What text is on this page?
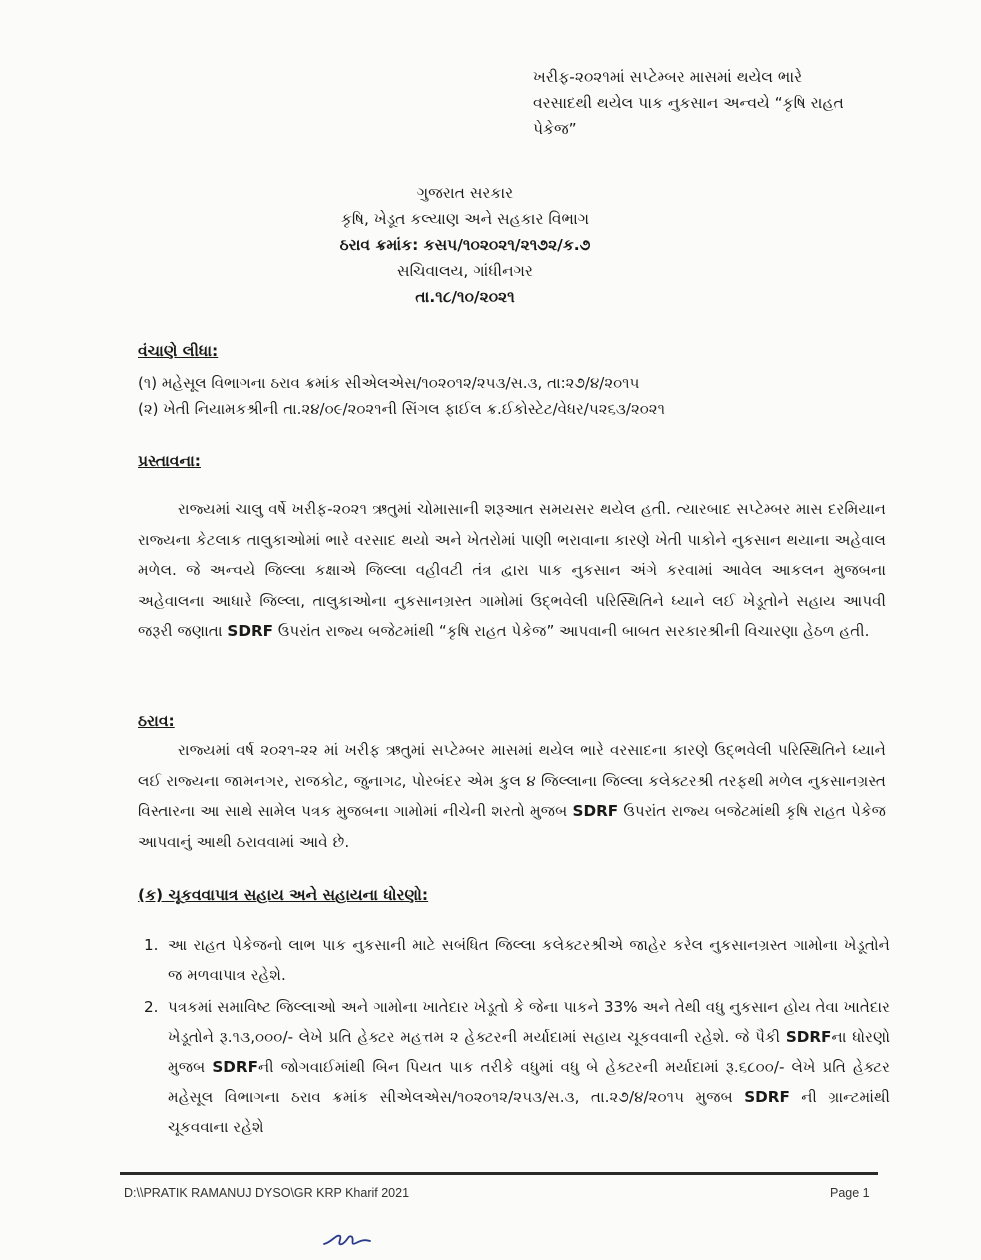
ખરીફ-૨૦૨૧માં સપ્ટેમ્બર માસમાં થયેલ ભારે
વરસાદથી થયેલ પાક નુકસાન અન્વયે “કૃષિ રાહત
પેકેજ”
ગુજરાત સરકાર
કૃષિ, ખેડૂત કલ્યાણ અને સહકાર વિભાગ
ઠરાવ ક્રમાંક: કસપ/૧૦૨૦૨૧/૨૧૭૨/ક.૭
સચિવાલય, ગાંધીનગર
તા.૧૮/૧૦/૨૦૨૧
વંચાણે લીધા:
(૧) મહેસૂલ વિભાગના ઠરાવ ક્રમાંક સીએલએસ/૧૦૨૦૧૨/૨૫૩/સ.૩, તા:૨૭/૪/૨૦૧૫
(૨) ખેતી નિયામકશ્રીની તા.૨૪/૦૯/૨૦૨૧ની સિંગલ ફાઈલ ક્ર.ઈકોસ્ટેટ/વેધર/૫૨૬૩/૨૦૨૧
પ્રસ્તાવના:
રાજ્યમાં ચાલુ વર્ષે ખરીફ-૨૦૨૧ ઋતુમાં ચોમાસાની શરૂઆત સમયસર થયેલ હતી. ત્યારબાદ સપ્ટેમ્બર માસ દરમિયાન રાજ્યના કેટલાક તાલુકાઓમાં ભારે વરસાદ થયો અને ખેતરોમાં પાણી ભરાવાના કારણે ખેતી પાકોને નુકસાન થયાના અહેવાલ મળેલ. જે અન્વયે જિલ્લા કક્ષાએ જિલ્લા વહીવટી તંત્ર દ્વારા પાક નુકસાન અંગે કરવામાં આવેલ આકલન મુજબના અહેવાલના આધારે જિલ્લા, તાલુકાઓના નુકસાનગ્રસ્ત ગામોમાં ઉદ્ભવેલી પરિસ્થિતિને ધ્યાને લઈ ખેડૂતોને સહાય આપવી જરૂરી જણાતા SDRF ઉપરાંત રાજ્ય બજેટમાંથી “કૃષિ રાહત પેકેજ” આપવાની બાબત સરકારશ્રીની વિચારણા હેઠળ હતી.
ઠરાવ:
રાજ્યમાં વર્ષ ૨૦૨૧-૨૨ માં ખરીફ ઋતુમાં સપ્ટેમ્બર માસમાં થયેલ ભારે વરસાદના કારણે ઉદ્ભવેલી પરિસ્થિતિને ધ્યાને લઈ રાજ્યના જામનગર, રાજકોટ, જુનાગઢ, પોરબંદર એમ કુલ ૪ જિલ્લાના જિલ્લા કલેક્ટરશ્રી તરફથી મળેલ નુકસાનગ્રસ્ત વિસ્તારના આ સાથે સામેલ પત્રક મુજબના ગામોમાં નીચેની શરતો મુજબ SDRF ઉપરાંત રાજ્ય બજેટમાંથી કૃષિ રાહત પેકેજ આપવાનું આથી ઠરાવવામાં આવે છે.
(ક) ચૂકવવાપાત્ર સહાય અને સહાયના ધોરણો:
1. આ રાહત પેકેજનો લાભ પાક નુકસાની માટે સબંધિત જિલ્લા કલેક્ટરશ્રીએ જાહેર કરેલ નુકસાનગ્રસ્ત ગામોના ખેડૂતોને જ મળવાપાત્ર રહેશે.
2. પત્રકમાં સમાવિષ્ટ જિલ્લાઓ અને ગામોના ખાતેદાર ખેડૂતો કે જેના પાકને 33% અને તેથી વધુ નુકસાન હોય તેવા ખાતેદાર ખેડૂતોને રૂ.૧૩,૦૦૦/- લેખે પ્રતિ હેક્ટર મહત્તમ ૨ હેક્ટરની મર્યાદામાં સહાય ચૂકવવાની રહેશે. જે પૈકી SDRFના ધોરણો મુજબ SDRFની જોગવાઈમાંથી બિન પિયત પાક તરીકે વધુમાં વધુ બે હેક્ટરની મર્યાદામાં રૂ.૬૮૦૦/- લેખે પ્રતિ હેક્ટર મહેસૂલ વિભાગના ઠરાવ ક્રમાંક સીએલએસ/૧૦૨૦૧૨/૨૫૩/સ.૩, તા.૨૭/૪/૨૦૧૫ મુજબ SDRF ની ગ્રાન્ટમાંથી ચૂકવવાના રહેશે
D:\\PRATIK RAMANUJ DYSO\GR KRP Kharif 2021	Page 1
